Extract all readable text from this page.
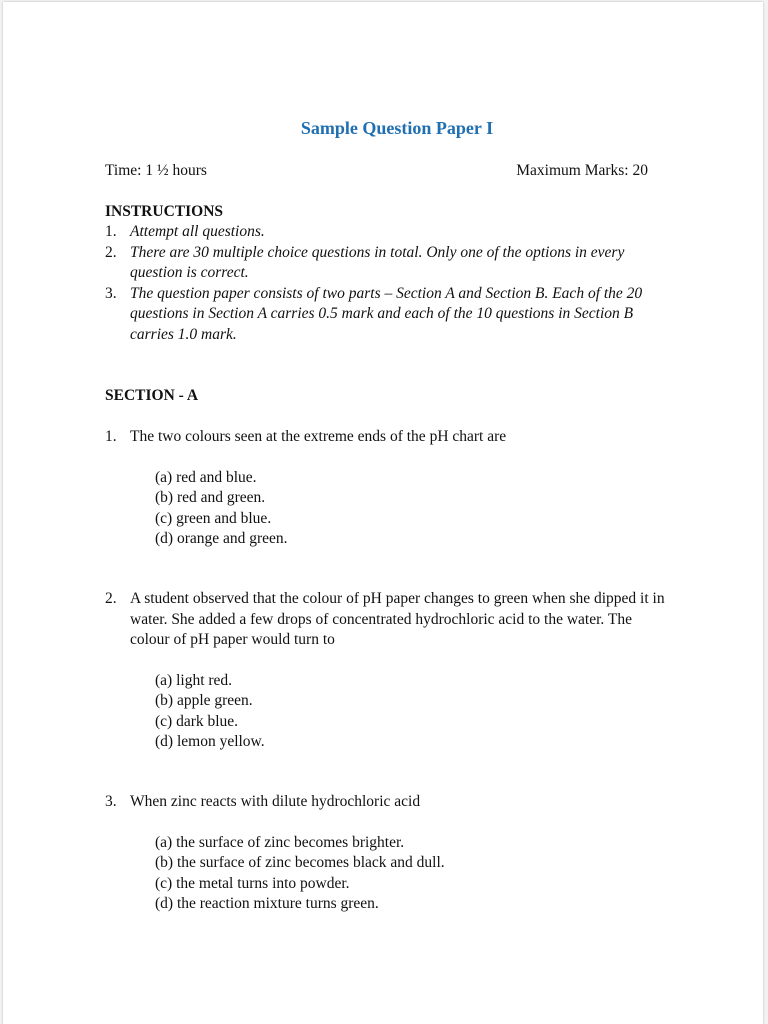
Sample Question Paper I
Time: 1 ½ hours	Maximum Marks: 20
INSTRUCTIONS
1. Attempt all questions.
2. There are 30 multiple choice questions in total. Only one of the options in every question is correct.
3. The question paper consists of two parts – Section A and Section B. Each of the 20 questions in Section A carries 0.5 mark and each of the 10 questions in Section B carries 1.0 mark.
SECTION - A
1. The two colours seen at the extreme ends of the pH chart are
(a) red and blue.
(b) red and green.
(c) green and blue.
(d) orange and green.
2. A student observed that the colour of pH paper changes to green when she dipped it in water. She added a few drops of concentrated hydrochloric acid to the water. The colour of pH paper would turn to
(a) light red.
(b) apple green.
(c) dark blue.
(d) lemon yellow.
3. When zinc reacts with dilute hydrochloric acid
(a) the surface of zinc becomes brighter.
(b) the surface of zinc becomes black and dull.
(c) the metal turns into powder.
(d) the reaction mixture turns green.
